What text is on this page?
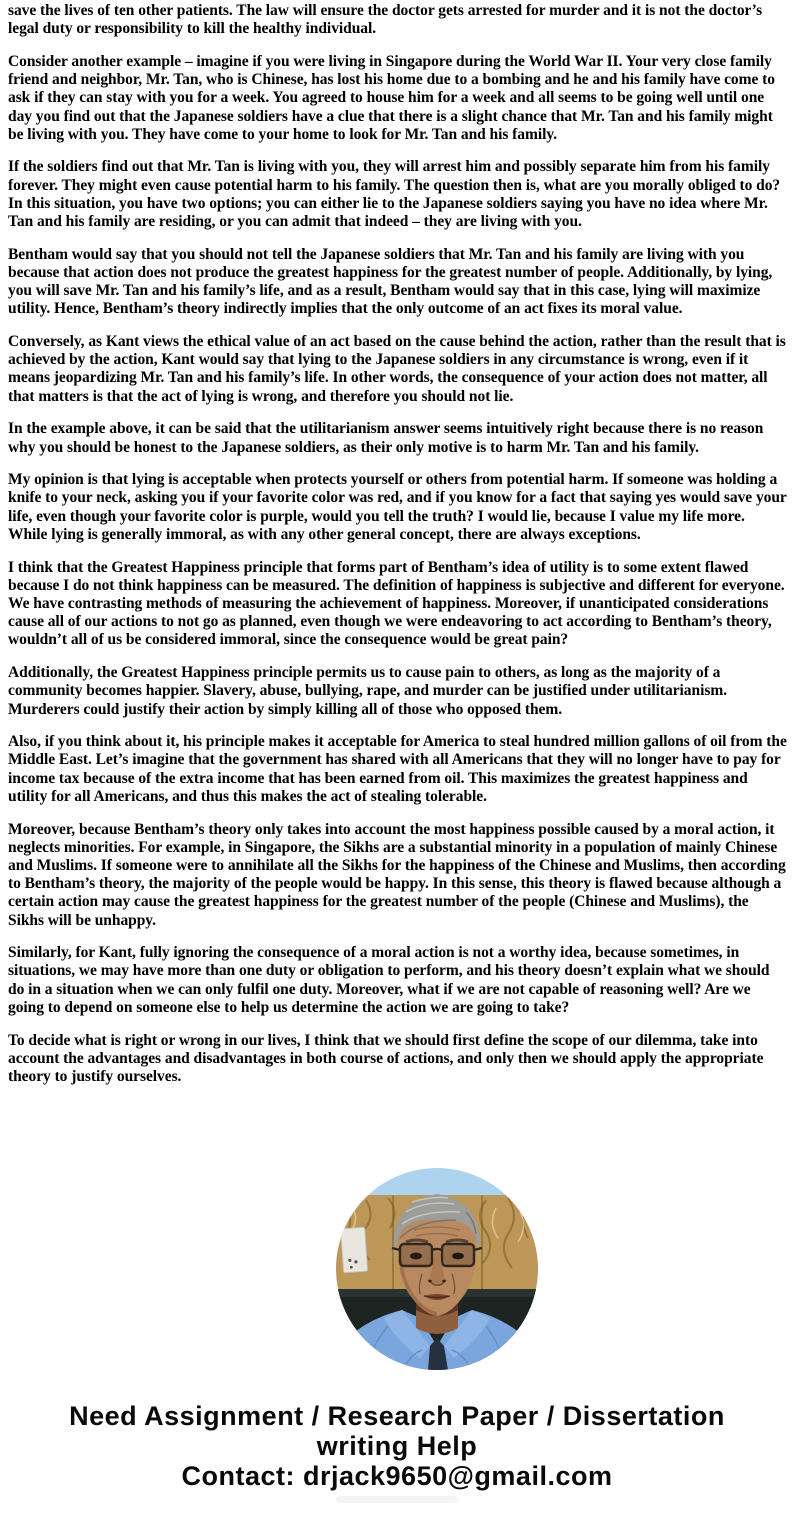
save the lives of ten other patients. The law will ensure the doctor gets arrested for murder and it is not the doctor’s legal duty or responsibility to kill the healthy individual.

Consider another example – imagine if you were living in Singapore during the World War II. Your very close family friend and neighbor, Mr. Tan, who is Chinese, has lost his home due to a bombing and he and his family have come to ask if they can stay with you for a week. You agreed to house him for a week and all seems to be going well until one day you find out that the Japanese soldiers have a clue that there is a slight chance that Mr. Tan and his family might be living with you. They have come to your home to look for Mr. Tan and his family.

If the soldiers find out that Mr. Tan is living with you, they will arrest him and possibly separate him from his family forever. They might even cause potential harm to his family. The question then is, what are you morally obliged to do? In this situation, you have two options; you can either lie to the Japanese soldiers saying you have no idea where Mr. Tan and his family are residing, or you can admit that indeed – they are living with you.

Bentham would say that you should not tell the Japanese soldiers that Mr. Tan and his family are living with you because that action does not produce the greatest happiness for the greatest number of people. Additionally, by lying, you will save Mr. Tan and his family’s life, and as a result, Bentham would say that in this case, lying will maximize utility. Hence, Bentham’s theory indirectly implies that the only outcome of an act fixes its moral value.

Conversely, as Kant views the ethical value of an act based on the cause behind the action, rather than the result that is achieved by the action, Kant would say that lying to the Japanese soldiers in any circumstance is wrong, even if it means jeopardizing Mr. Tan and his family’s life. In other words, the consequence of your action does not matter, all that matters is that the act of lying is wrong, and therefore you should not lie.

In the example above, it can be said that the utilitarianism answer seems intuitively right because there is no reason why you should be honest to the Japanese soldiers, as their only motive is to harm Mr. Tan and his family.

My opinion is that lying is acceptable when protects yourself or others from potential harm. If someone was holding a knife to your neck, asking you if your favorite color was red, and if you know for a fact that saying yes would save your life, even though your favorite color is purple, would you tell the truth? I would lie, because I value my life more. While lying is generally immoral, as with any other general concept, there are always exceptions.

I think that the Greatest Happiness principle that forms part of Bentham’s idea of utility is to some extent flawed because I do not think happiness can be measured. The definition of happiness is subjective and different for everyone. We have contrasting methods of measuring the achievement of happiness. Moreover, if unanticipated considerations cause all of our actions to not go as planned, even though we were endeavoring to act according to Bentham’s theory, wouldn’t all of us be considered immoral, since the consequence would be great pain?

Additionally, the Greatest Happiness principle permits us to cause pain to others, as long as the majority of a community becomes happier. Slavery, abuse, bullying, rape, and murder can be justified under utilitarianism. Murderers could justify their action by simply killing all of those who opposed them.

Also, if you think about it, his principle makes it acceptable for America to steal hundred million gallons of oil from the Middle East. Let’s imagine that the government has shared with all Americans that they will no longer have to pay for income tax because of the extra income that has been earned from oil. This maximizes the greatest happiness and utility for all Americans, and thus this makes the act of stealing tolerable.

Moreover, because Bentham’s theory only takes into account the most happiness possible caused by a moral action, it neglects minorities. For example, in Singapore, the Sikhs are a substantial minority in a population of mainly Chinese and Muslims. If someone were to annihilate all the Sikhs for the happiness of the Chinese and Muslims, then according to Bentham’s theory, the majority of the people would be happy. In this sense, this theory is flawed because although a certain action may cause the greatest happiness for the greatest number of the people (Chinese and Muslims), the Sikhs will be unhappy.

Similarly, for Kant, fully ignoring the consequence of a moral action is not a worthy idea, because sometimes, in situations, we may have more than one duty or obligation to perform, and his theory doesn’t explain what we should do in a situation when we can only fulfil one duty. Moreover, what if we are not capable of reasoning well? Are we going to depend on someone else to help us determine the action we are going to take?

To decide what is right or wrong in our lives, I think that we should first define the scope of our dilemma, take into account the advantages and disadvantages in both course of actions, and only then we should apply the appropriate theory to justify ourselves.

Need Assignment / Research Paper / Dissertation
writing Help
Contact: drjack9650@gmail.com
